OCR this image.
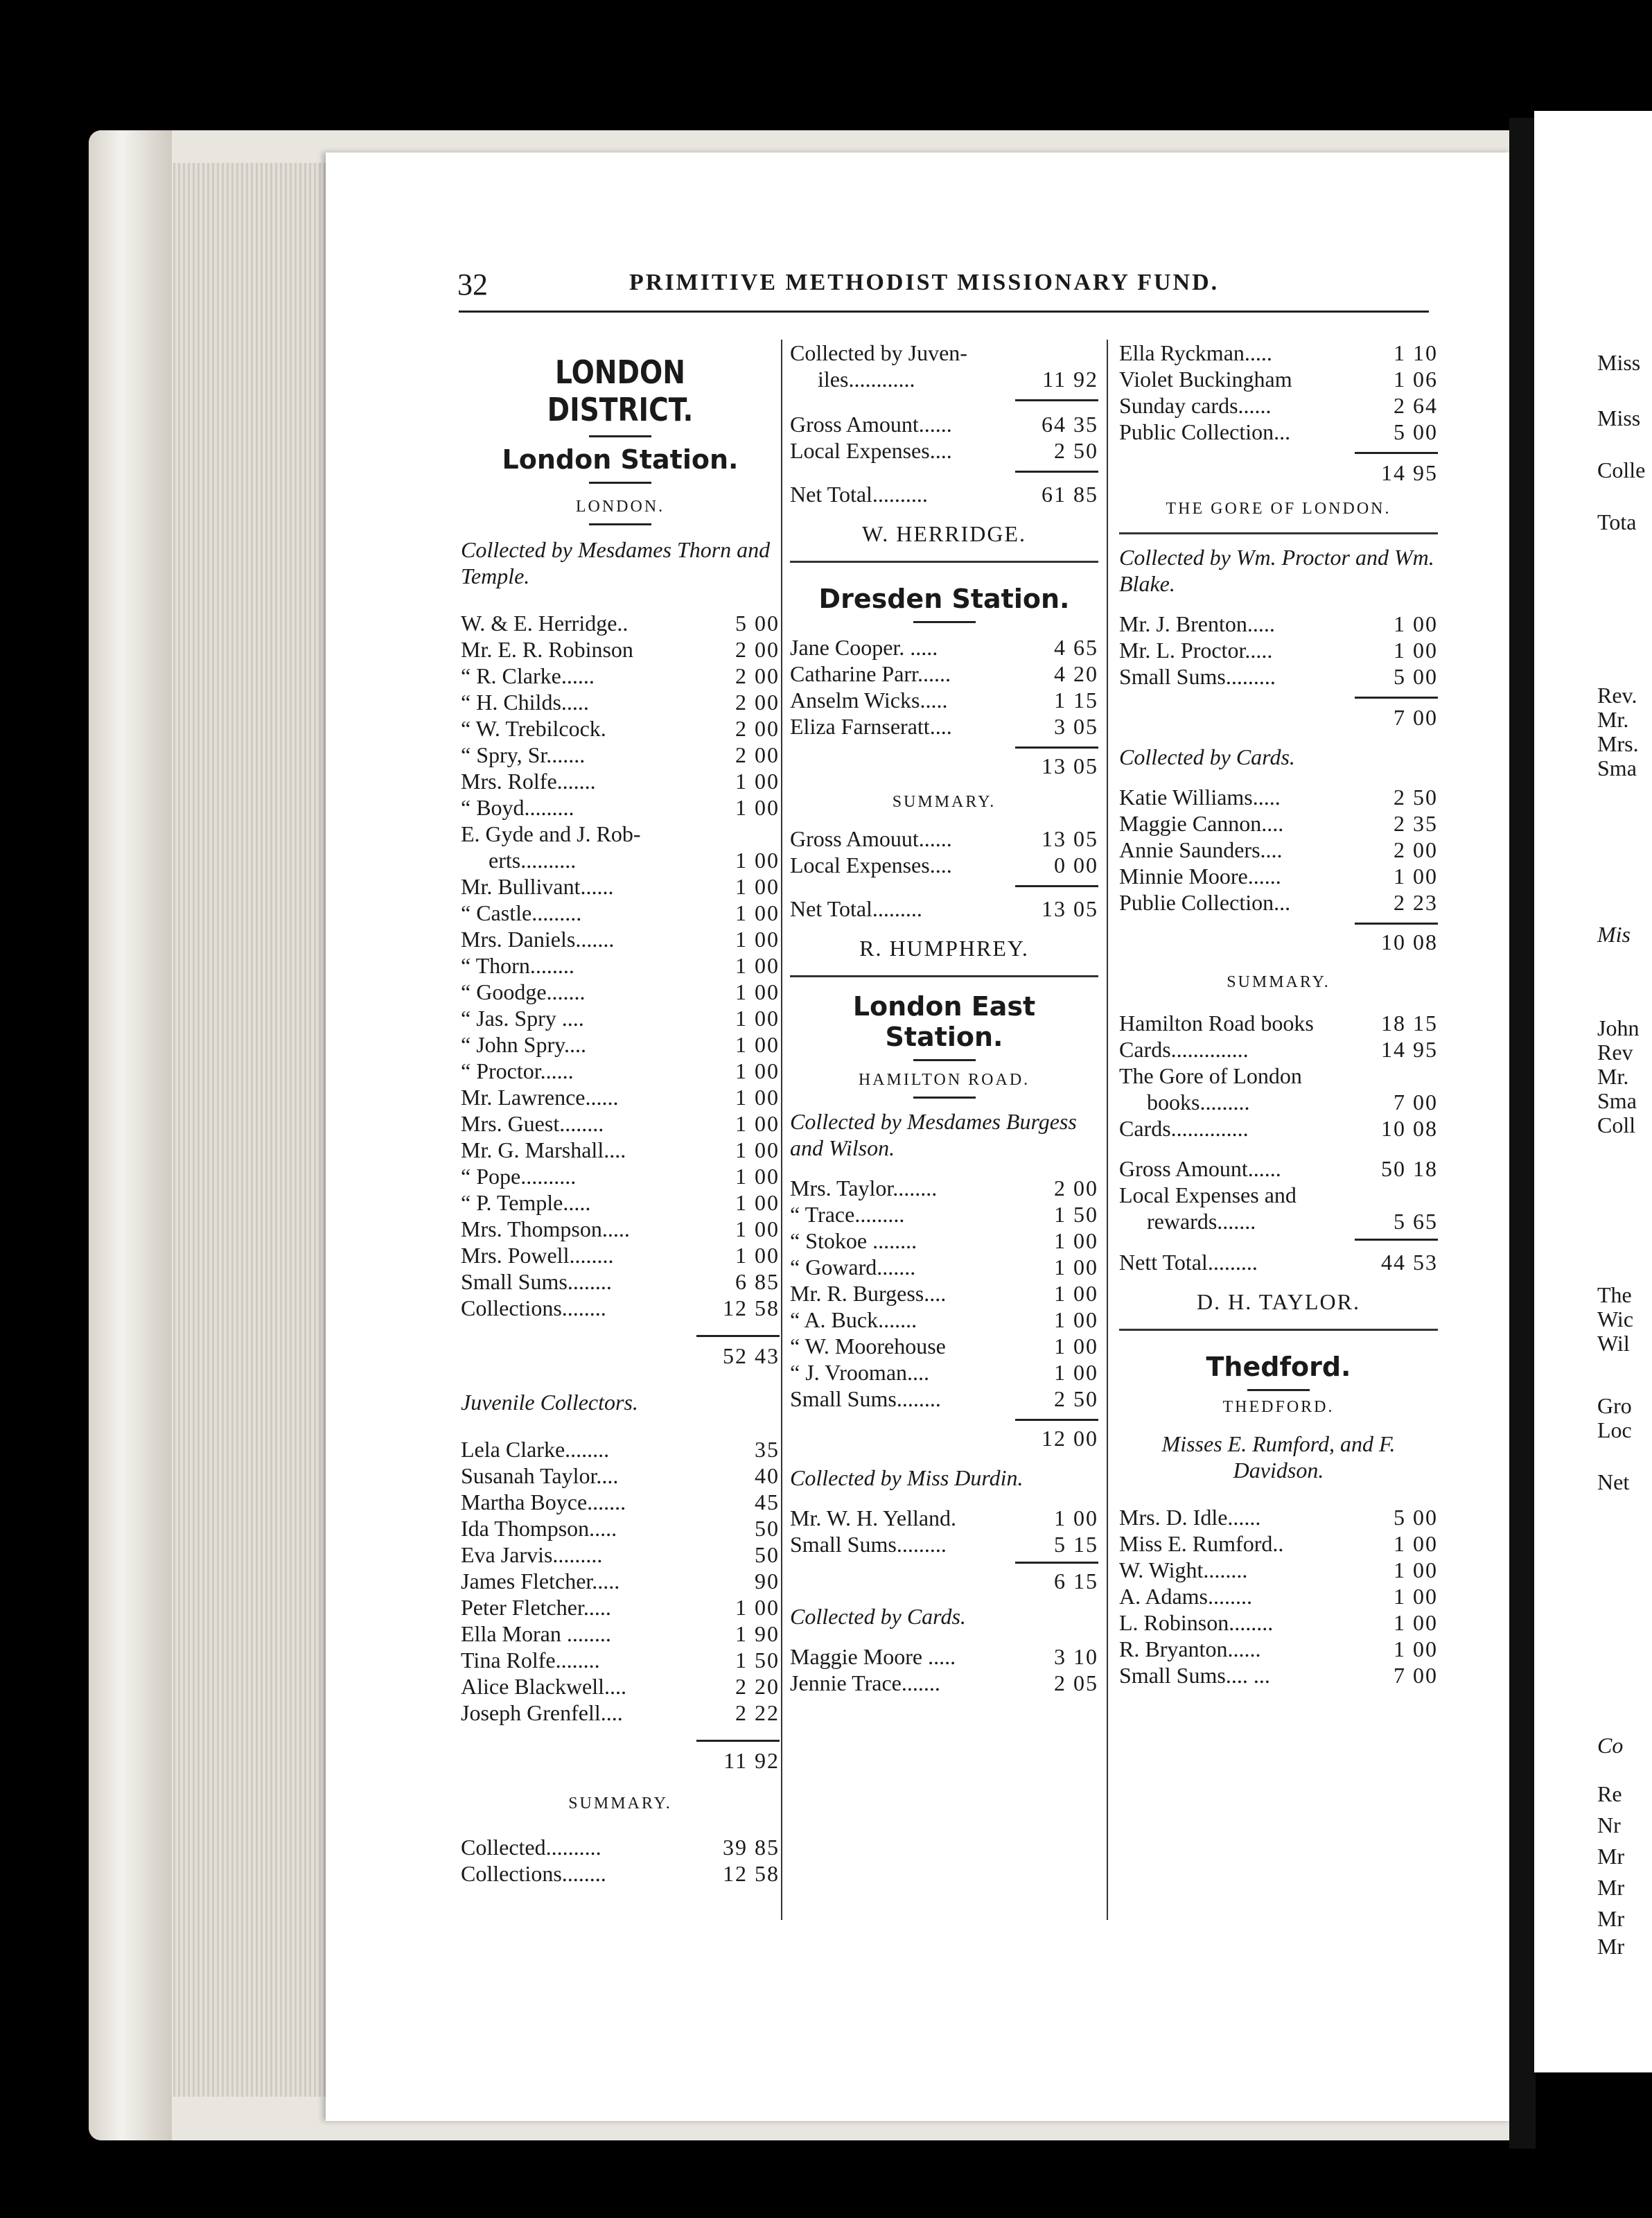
Miss
Miss
Colle
Tota
Rev.
Mr.
Mrs.
Sma
Mis
John
Rev
Mr.
Sma
Coll
The
Wic
Wil
Gro
Loc
Net
Co
Re
Nr
Mr
Mr
Mr
Mr
32	PRIMITIVE METHODIST MISSIONARY FUND.
LONDON DISTRICT.
London Station.
LONDON.
Collected by Mesdames Thorn and Temple.
W. & E. Herridge..	5 00
Mr. E. R. Robinson	2 00
“ R. Clarke......	2 00
“ H. Childs.....	2 00
“ W. Trebilcock.	2 00
“ Spry, Sr.......	2 00
Mrs. Rolfe.......	1 00
“ Boyd.........	1 00
E. Gyde and J. Rob-
erts..........	1 00
Mr. Bullivant......	1 00
“ Castle.........	1 00
Mrs. Daniels.......	1 00
“ Thorn........	1 00
“ Goodge.......	1 00
“ Jas. Spry ....	1 00
“ John Spry....	1 00
“ Proctor......	1 00
Mr. Lawrence......	1 00
Mrs. Guest........	1 00
Mr. G. Marshall....	1 00
“ Pope..........	1 00
“ P. Temple.....	1 00
Mrs. Thompson.....	1 00
Mrs. Powell........	1 00
Small Sums........	6 85
Collections........	12 58
52 43
Juvenile Collectors.
Lela Clarke........	35
Susanah Taylor....	40
Martha Boyce.......	45
Ida Thompson.....	50
Eva Jarvis.........	50
James Fletcher.....	90
Peter Fletcher.....	1 00
Ella Moran ........	1 90
Tina Rolfe........	1 50
Alice Blackwell....	2 20
Joseph Grenfell....	2 22
11 92
SUMMARY.
Collected..........	39 85
Collections........	12 58
Collected by Juven-
iles............	11 92
Gross Amount......	64 35
Local Expenses....	2 50
Net Total..........	61 85
W. HERRIDGE.
Dresden Station.
Jane Cooper. .....	4 65
Catharine Parr......	4 20
Anselm Wicks.....	1 15
Eliza Farnseratt....	3 05
13 05
SUMMARY.
Gross Amouut......	13 05
Local Expenses....	0 00
Net Total.........	13 05
R. HUMPHREY.
London East Station.
HAMILTON ROAD.
Collected by Mesdames Burgess and Wilson.
Mrs. Taylor........	2 00
“ Trace.........	1 50
“ Stokoe ........	1 00
“ Goward.......	1 00
Mr. R. Burgess....	1 00
“ A. Buck.......	1 00
“ W. Moorehouse	1 00
“ J. Vrooman....	1 00
Small Sums........	2 50
12 00
Collected by Miss Durdin.
Mr. W. H. Yelland.	1 00
Small Sums.........	5 15
6 15
Collected by Cards.
Maggie Moore .....	3 10
Jennie Trace.......	2 05
Ella Ryckman.....	1 10
Violet Buckingham	1 06
Sunday cards......	2 64
Public Collection...	5 00
14 95
THE GORE OF LONDON.
Collected by Wm. Proctor and Wm. Blake.
Mr. J. Brenton.....	1 00
Mr. L. Proctor.....	1 00
Small Sums.........	5 00
7 00
Collected by Cards.
Katie Williams.....	2 50
Maggie Cannon....	2 35
Annie Saunders....	2 00
Minnie Moore......	1 00
Publie Collection...	2 23
10 08
SUMMARY.
Hamilton Road books	18 15
Cards..............	14 95
The Gore of London
books.........	7 00
Cards..............	10 08
Gross Amount......	50 18
Local Expenses and
rewards.......	5 65
Nett Total.........	44 53
D. H. TAYLOR.
Thedford.
THEDFORD.
Misses E. Rumford, and F. Davidson.
Mrs. D. Idle......	5 00
Miss E. Rumford..	1 00
W. Wight........	1 00
A. Adams........	1 00
L. Robinson........	1 00
R. Bryanton......	1 00
Small Sums.... ...	7 00
